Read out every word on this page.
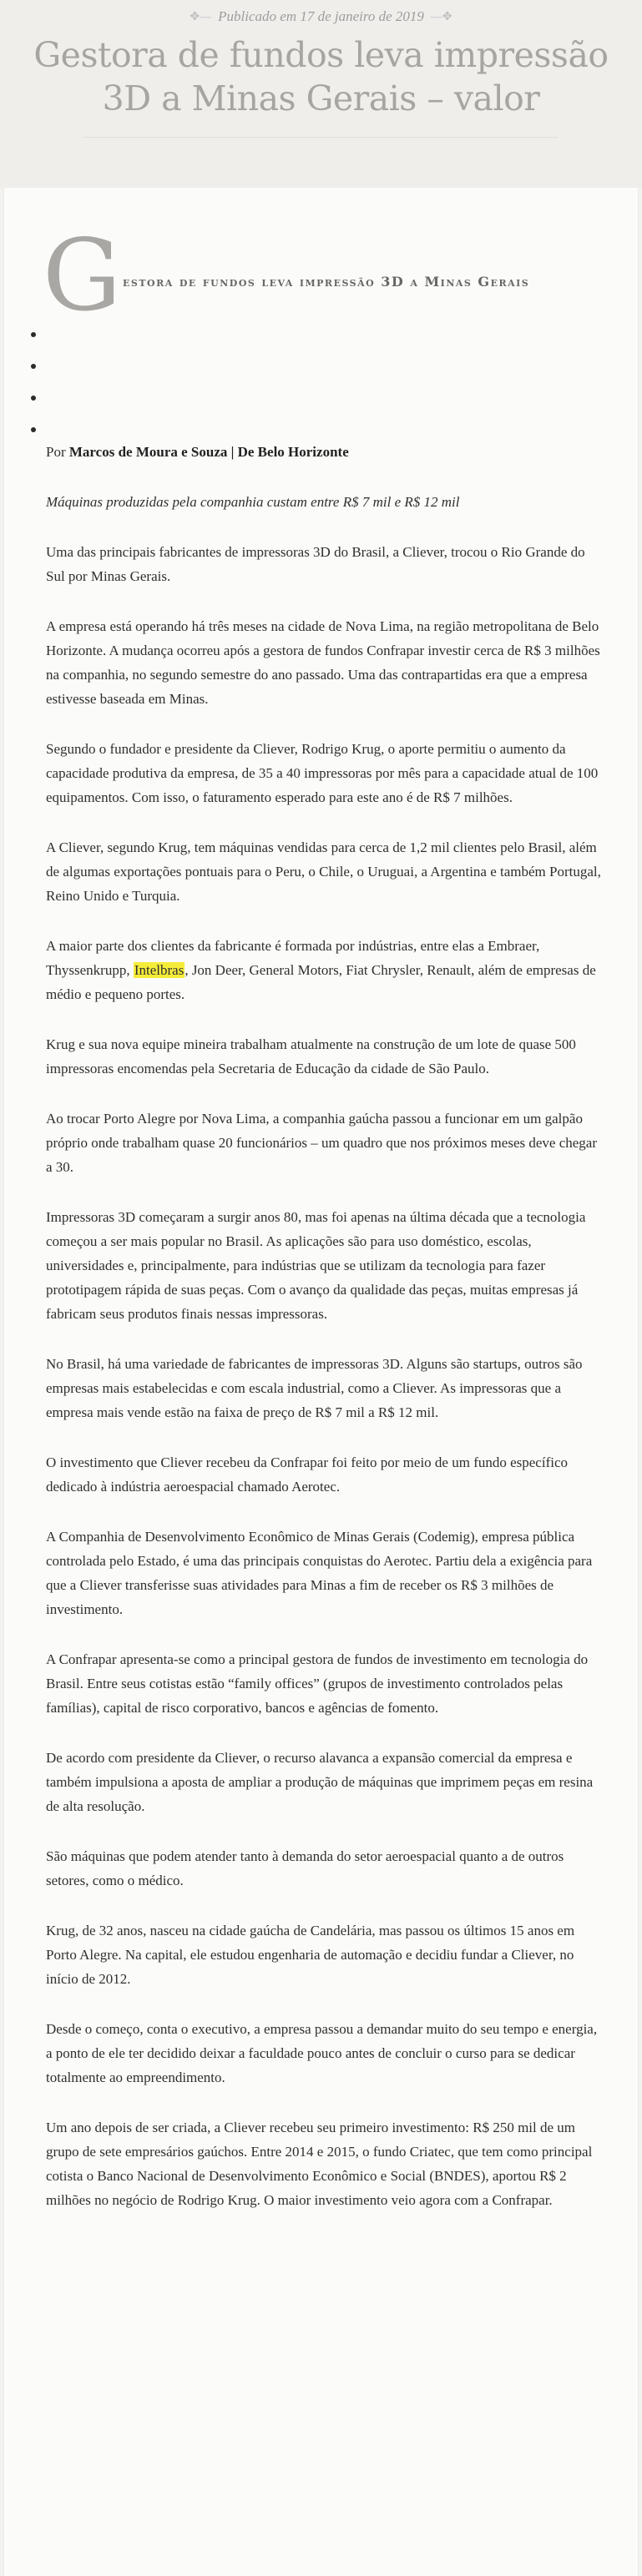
✥— Publicado em 17 de janeiro de 2019 —✥
Gestora de fundos leva impressão 3D a Minas Gerais – valor
G estora de fundos leva impressão 3D a Minas Gerais

Por Marcos de Moura e Souza | De Belo Horizonte

Máquinas produzidas pela companhia custam entre R$ 7 mil e R$ 12 mil

Uma das principais fabricantes de impressoras 3D do Brasil, a Cliever, trocou o Rio Grande do Sul por Minas Gerais.

A empresa está operando há três meses na cidade de Nova Lima, na região metropolitana de Belo Horizonte. A mudança ocorreu após a gestora de fundos Confrapar investir cerca de R$ 3 milhões na companhia, no segundo semestre do ano passado. Uma das contrapartidas era que a empresa estivesse baseada em Minas.

Segundo o fundador e presidente da Cliever, Rodrigo Krug, o aporte permitiu o aumento da capacidade produtiva da empresa, de 35 a 40 impressoras por mês para a capacidade atual de 100 equipamentos. Com isso, o faturamento esperado para este ano é de R$ 7 milhões.

A Cliever, segundo Krug, tem máquinas vendidas para cerca de 1,2 mil clientes pelo Brasil, além de algumas exportações pontuais para o Peru, o Chile, o Uruguai, a Argentina e também Portugal, Reino Unido e Turquia.

A maior parte dos clientes da fabricante é formada por indústrias, entre elas a Embraer, Thyssenkrupp, Intelbras, Jon Deer, General Motors, Fiat Chrysler, Renault, além de empresas de médio e pequeno portes.

Krug e sua nova equipe mineira trabalham atualmente na construção de um lote de quase 500 impressoras encomendas pela Secretaria de Educação da cidade de São Paulo.

Ao trocar Porto Alegre por Nova Lima, a companhia gaúcha passou a funcionar em um galpão próprio onde trabalham quase 20 funcionários – um quadro que nos próximos meses deve chegar a 30.

Impressoras 3D começaram a surgir anos 80, mas foi apenas na última década que a tecnologia começou a ser mais popular no Brasil. As aplicações são para uso doméstico, escolas, universidades e, principalmente, para indústrias que se utilizam da tecnologia para fazer prototipagem rápida de suas peças. Com o avanço da qualidade das peças, muitas empresas já fabricam seus produtos finais nessas impressoras.

No Brasil, há uma variedade de fabricantes de impressoras 3D. Alguns são startups, outros são empresas mais estabelecidas e com escala industrial, como a Cliever. As impressoras que a empresa mais vende estão na faixa de preço de R$ 7 mil a R$ 12 mil.

O investimento que Cliever recebeu da Confrapar foi feito por meio de um fundo específico dedicado à indústria aeroespacial chamado Aerotec.

A Companhia de Desenvolvimento Econômico de Minas Gerais (Codemig), empresa pública controlada pelo Estado, é uma das principais conquistas do Aerotec. Partiu dela a exigência para que a Cliever transferisse suas atividades para Minas a fim de receber os R$ 3 milhões de investimento.

A Confrapar apresenta-se como a principal gestora de fundos de investimento em tecnologia do Brasil. Entre seus cotistas estão “family offices” (grupos de investimento controlados pelas famílias), capital de risco corporativo, bancos e agências de fomento.

De acordo com presidente da Cliever, o recurso alavanca a expansão comercial da empresa e também impulsiona a aposta de ampliar a produção de máquinas que imprimem peças em resina de alta resolução.

São máquinas que podem atender tanto à demanda do setor aeroespacial quanto a de outros setores, como o médico.

Krug, de 32 anos, nasceu na cidade gaúcha de Candelária, mas passou os últimos 15 anos em Porto Alegre. Na capital, ele estudou engenharia de automação e decidiu fundar a Cliever, no início de 2012.

Desde o começo, conta o executivo, a empresa passou a demandar muito do seu tempo e energia, a ponto de ele ter decidido deixar a faculdade pouco antes de concluir o curso para se dedicar totalmente ao empreendimento.

Um ano depois de ser criada, a Cliever recebeu seu primeiro investimento: R$ 250 mil de um grupo de sete empresários gaúchos. Entre 2014 e 2015, o fundo Criatec, que tem como principal cotista o Banco Nacional de Desenvolvimento Econômico e Social (BNDES), aportou R$ 2 milhões no negócio de Rodrigo Krug. O maior investimento veio agora com a Confrapar.
